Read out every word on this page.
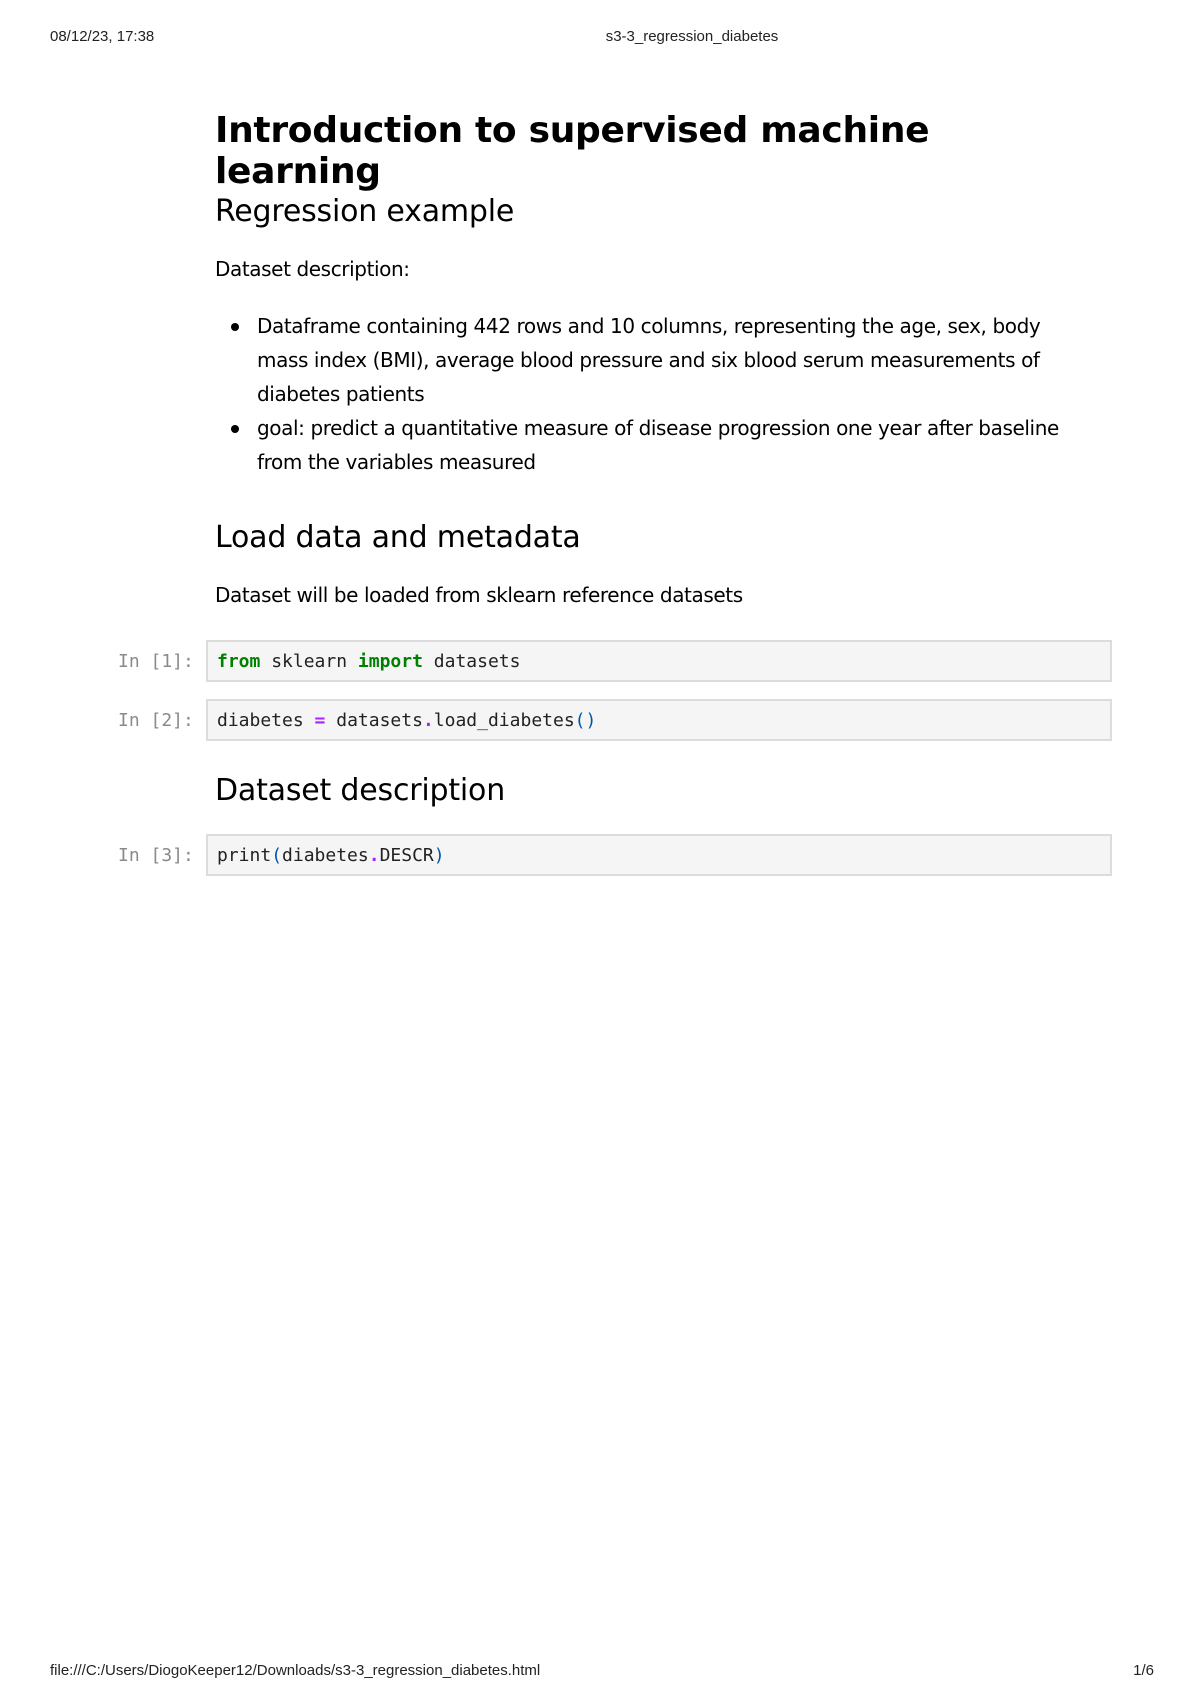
08/12/23, 17:38	s3-3_regression_diabetes
Introduction to supervised machine learning
Regression example

Dataset description:

Dataframe containing 442 rows and 10 columns, representing the age, sex, body mass index (BMI), average blood pressure and six blood serum measurements of diabetes patients
goal: predict a quantitative measure of disease progression one year after baseline from the variables measured
Load data and metadata

Dataset will be loaded from sklearn reference datasets

In [1]: from sklearn import datasets
In [2]: diabetes = datasets.load_diabetes()
Dataset description
In [3]: print(diabetes.DESCR)
file:///C:/Users/DiogoKeeper12/Downloads/s3-3_regression_diabetes.html	1/6
